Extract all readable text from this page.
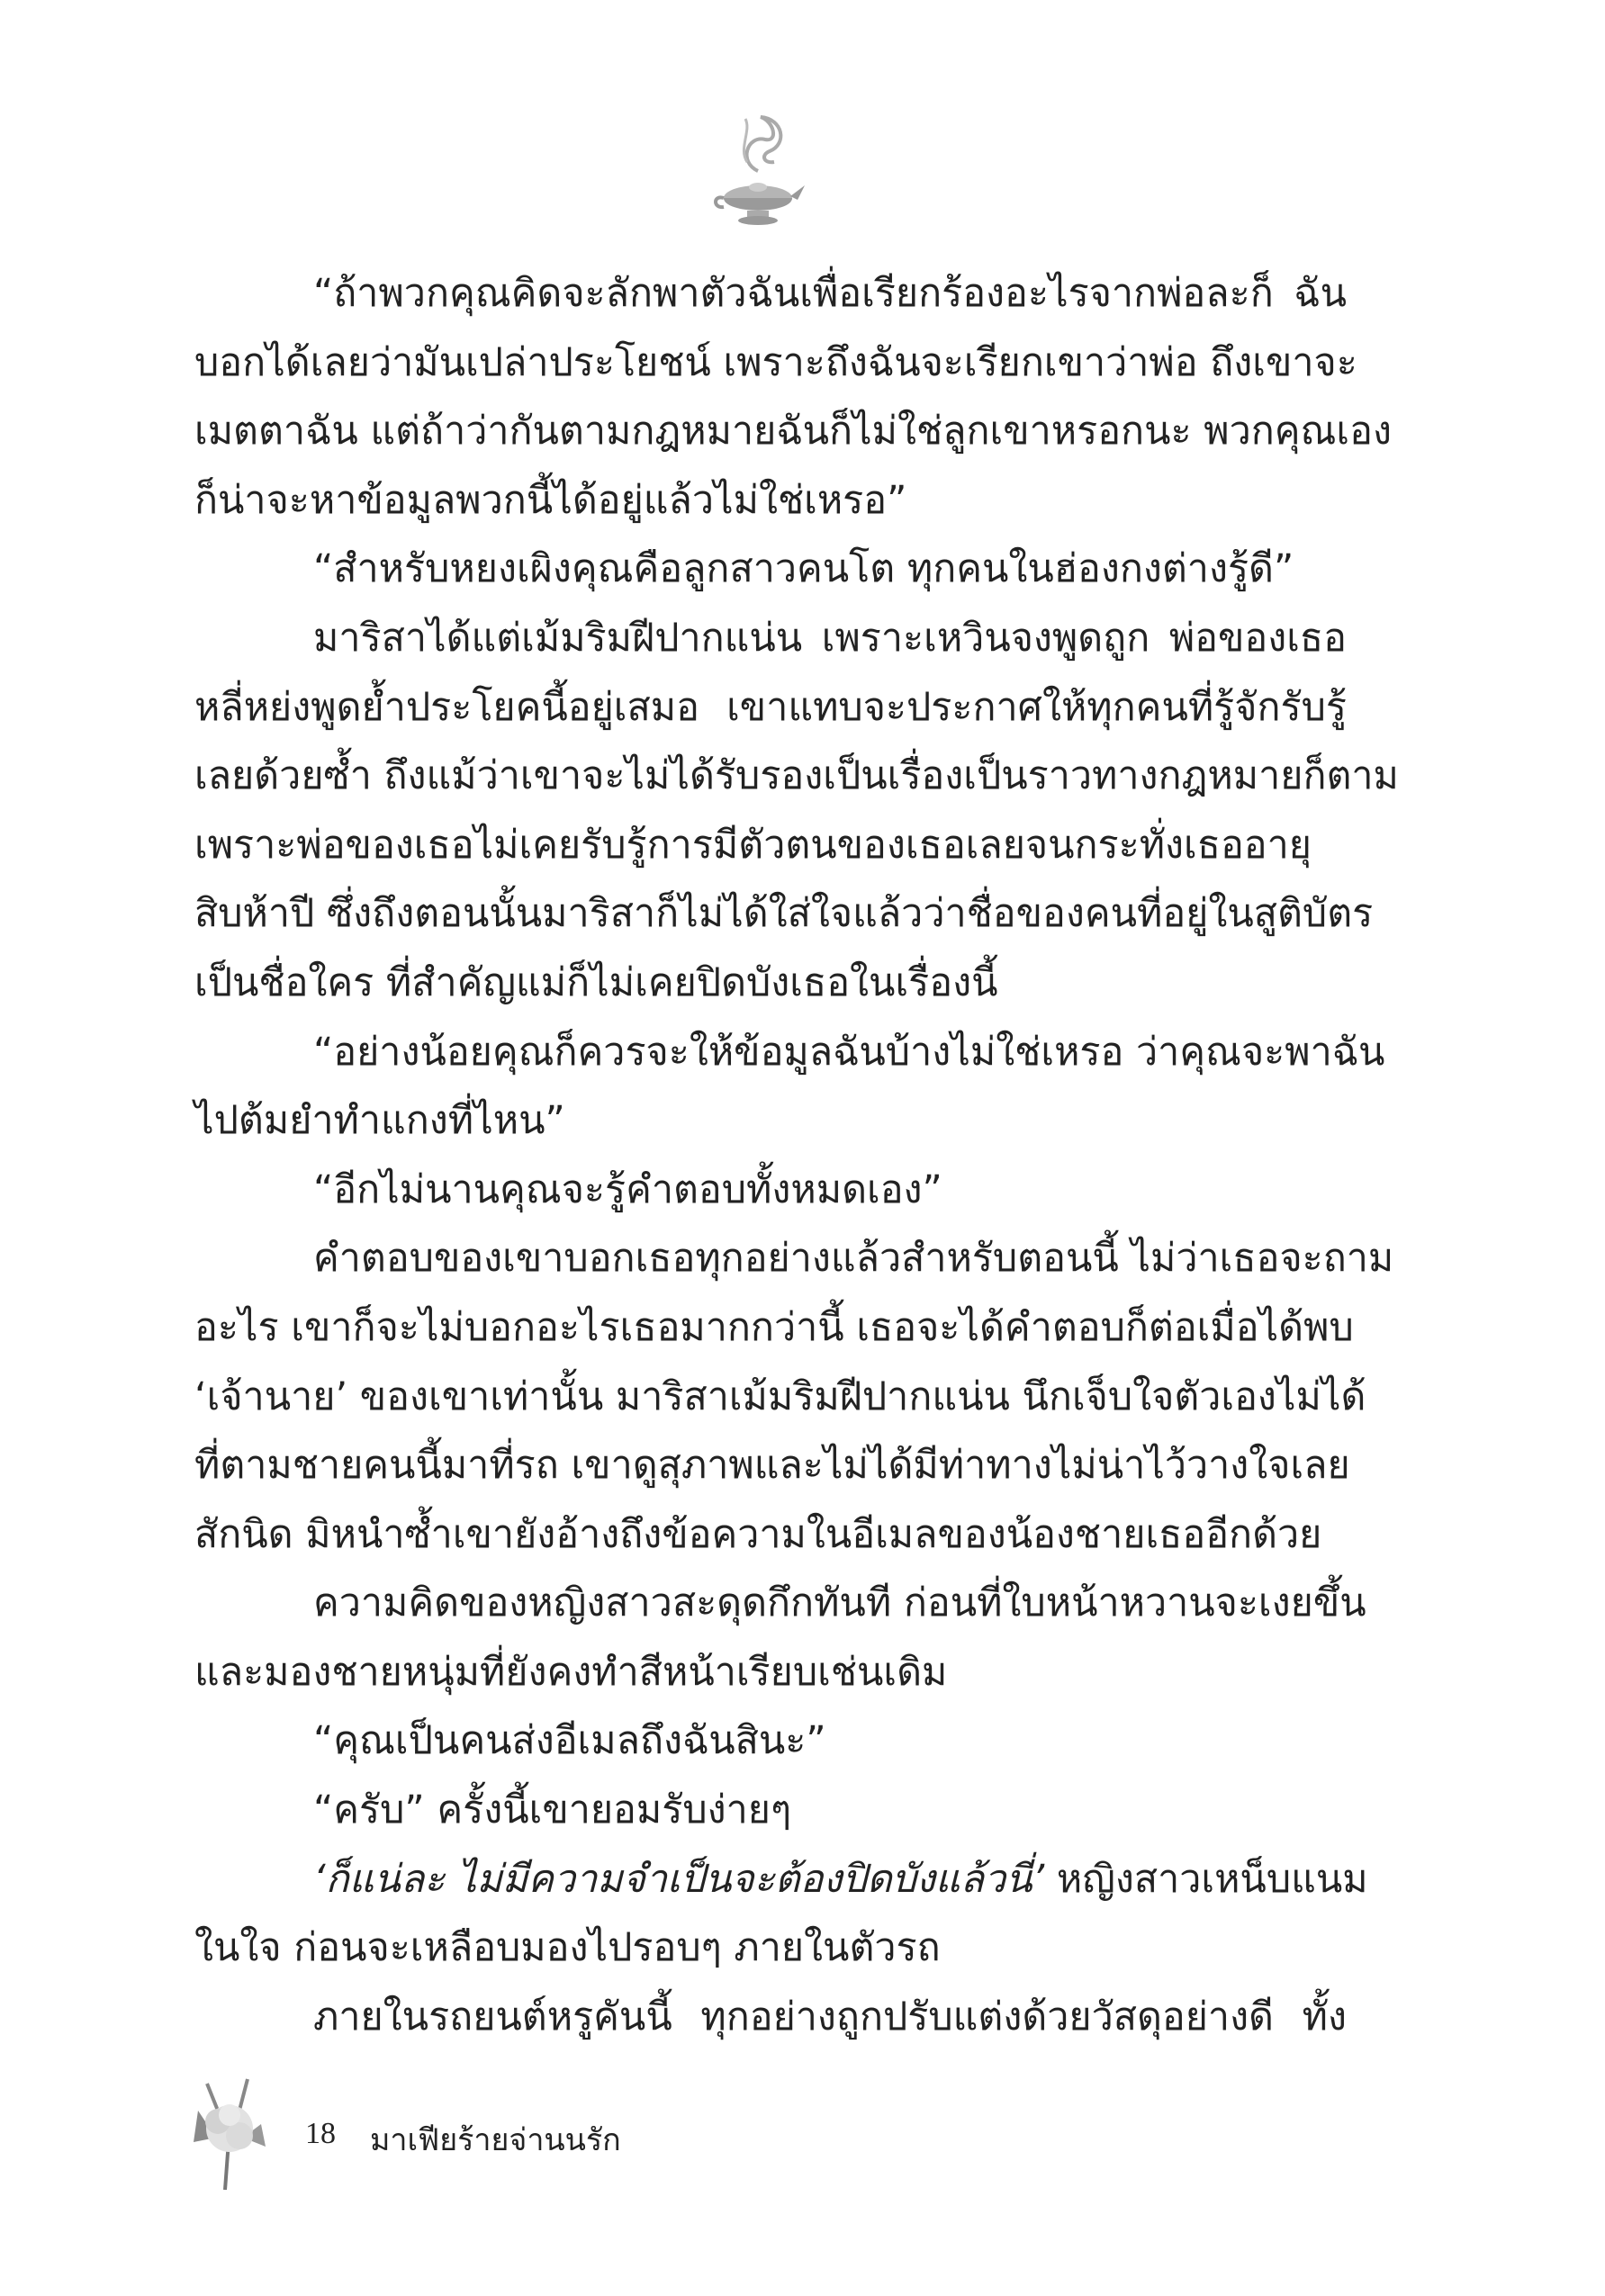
“ถ้าพวกคุณคิดจะลักพาตัวฉันเพื่อเรียกร้องอะไรจากพ่อละก็ ฉัน
บอกได้เลยว่ามันเปล่าประโยชน์ เพราะถึงฉันจะเรียกเขาว่าพ่อ ถึงเขาจะ
เมตตาฉัน แต่ถ้าว่ากันตามกฎหมายฉันก็ไม่ใช่ลูกเขาหรอกนะ พวกคุณเอง
ก็น่าจะหาข้อมูลพวกนี้ได้อยู่แล้วไม่ใช่เหรอ”
“สำหรับหยงเผิงคุณคือลูกสาวคนโต ทุกคนในฮ่องกงต่างรู้ดี”
มาริสาได้แต่เม้มริมฝีปากแน่น เพราะเหวินจงพูดถูก พ่อของเธอ
หลี่หย่งพูดย้ำประโยคนี้อยู่เสมอ เขาแทบจะประกาศให้ทุกคนที่รู้จักรับรู้
เลยด้วยซ้ำ ถึงแม้ว่าเขาจะไม่ได้รับรองเป็นเรื่องเป็นราวทางกฎหมายก็ตาม
เพราะพ่อของเธอไม่เคยรับรู้การมีตัวตนของเธอเลยจนกระทั่งเธออายุ
สิบห้าปี ซึ่งถึงตอนนั้นมาริสาก็ไม่ได้ใส่ใจแล้วว่าชื่อของคนที่อยู่ในสูติบัตร
เป็นชื่อใคร ที่สำคัญแม่ก็ไม่เคยปิดบังเธอในเรื่องนี้
“อย่างน้อยคุณก็ควรจะให้ข้อมูลฉันบ้างไม่ใช่เหรอ ว่าคุณจะพาฉัน
ไปต้มยำทำแกงที่ไหน”
“อีกไม่นานคุณจะรู้คำตอบทั้งหมดเอง”
คำตอบของเขาบอกเธอทุกอย่างแล้วสำหรับตอนนี้ ไม่ว่าเธอจะถาม
อะไร เขาก็จะไม่บอกอะไรเธอมากกว่านี้ เธอจะได้คำตอบก็ต่อเมื่อได้พบ
‘เจ้านาย’ ของเขาเท่านั้น มาริสาเม้มริมฝีปากแน่น นึกเจ็บใจตัวเองไม่ได้
ที่ตามชายคนนี้มาที่รถ เขาดูสุภาพและไม่ได้มีท่าทางไม่น่าไว้วางใจเลย
สักนิด มิหนำซ้ำเขายังอ้างถึงข้อความในอีเมลของน้องชายเธออีกด้วย
ความคิดของหญิงสาวสะดุดกึกทันที ก่อนที่ใบหน้าหวานจะเงยขึ้น
และมองชายหนุ่มที่ยังคงทำสีหน้าเรียบเช่นเดิม
“คุณเป็นคนส่งอีเมลถึงฉันสินะ”
“ครับ” ครั้งนี้เขายอมรับง่ายๆ
‘ก็แน่ละ ไม่มีความจำเป็นจะต้องปิดบังแล้วนี่’ หญิงสาวเหน็บแนม
ในใจ ก่อนจะเหลือบมองไปรอบๆ ภายในตัวรถ
ภายในรถยนต์หรูคันนี้ ทุกอย่างถูกปรับแต่งด้วยวัสดุอย่างดี ทั้ง
18 มาเฟียร้ายจ่านนรัก
